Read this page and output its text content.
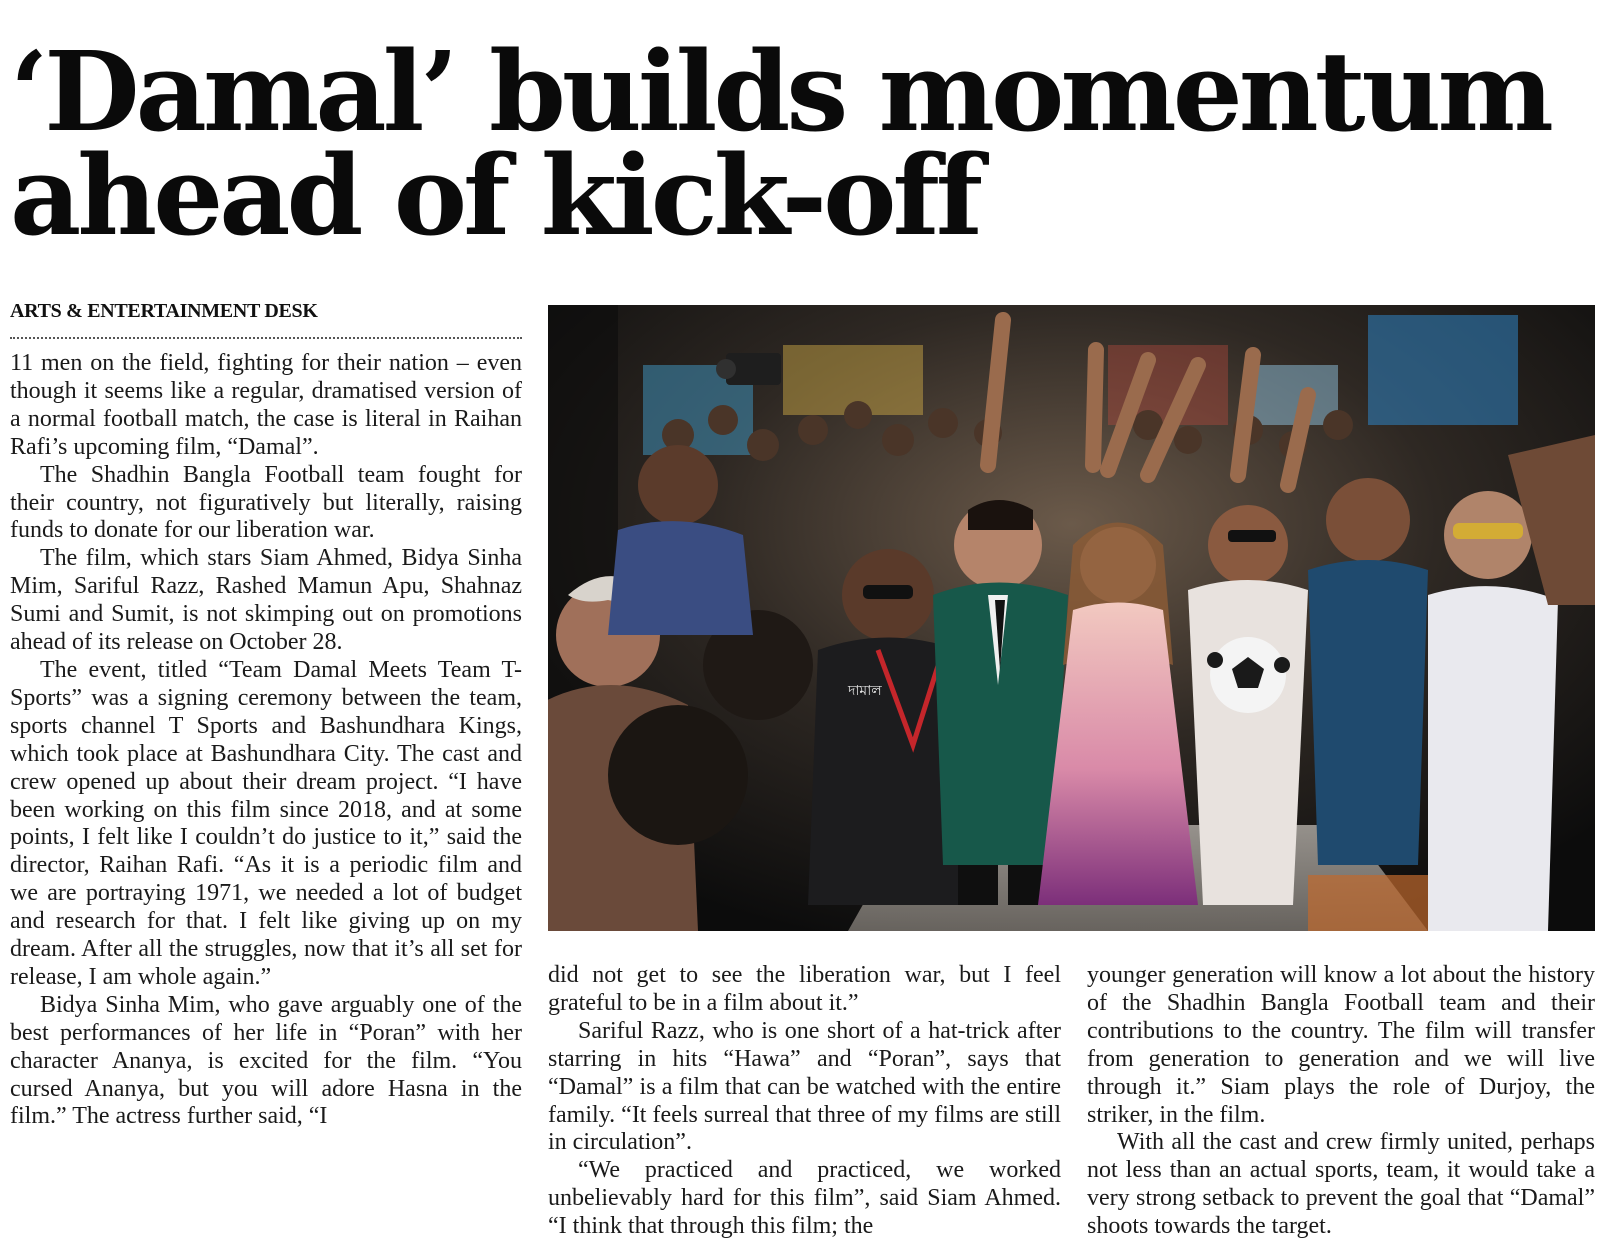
‘Damal’ builds momentum
ahead of kick-off
ARTS & ENTERTAINMENT DESK

11 men on the field, fighting for their nation – even though it seems like a regular, dramatised version of a normal football match, the case is literal in Raihan Rafi’s upcoming film, “Damal”.

The Shadhin Bangla Football team fought for their country, not figuratively but literally, raising funds to donate for our liberation war.

The film, which stars Siam Ahmed, Bidya Sinha Mim, Sariful Razz, Rashed Mamun Apu, Shahnaz Sumi and Sumit, is not skimping out on promotions ahead of its release on October 28.

The event, titled “Team Damal Meets Team T-Sports” was a signing ceremony between the team, sports channel T Sports and Bashundhara Kings, which took place at Bashundhara City. The cast and crew opened up about their dream project. “I have been working on this film since 2018, and at some points, I felt like I couldn’t do justice to it,” said the director, Raihan Rafi. “As it is a periodic film and we are portraying 1971, we needed a lot of budget and research for that. I felt like giving up on my dream. After all the struggles, now that it’s all set for release, I am whole again.”

Bidya Sinha Mim, who gave arguably one of the best performances of her life in “Poran” with her character Ananya, is excited for the film. “You cursed Ananya, but you will adore Hasna in the film.” The actress further said, “I

দামাল

did not get to see the liberation war, but I feel grateful to be in a film about it.”

Sariful Razz, who is one short of a hat-trick after starring in hits “Hawa” and “Poran”, says that “Damal” is a film that can be watched with the entire family. “It feels surreal that three of my films are still in circulation”.

“We practiced and practiced, we worked unbelievably hard for this film”, said Siam Ahmed. “I think that through this film; the

younger generation will know a lot about the history of the Shadhin Bangla Football team and their contributions to the country. The film will transfer from generation to generation and we will live through it.” Siam plays the role of Durjoy, the striker, in the film.

With all the cast and crew firmly united, perhaps not less than an actual sports, team, it would take a very strong setback to prevent the goal that “Damal” shoots towards the target.
